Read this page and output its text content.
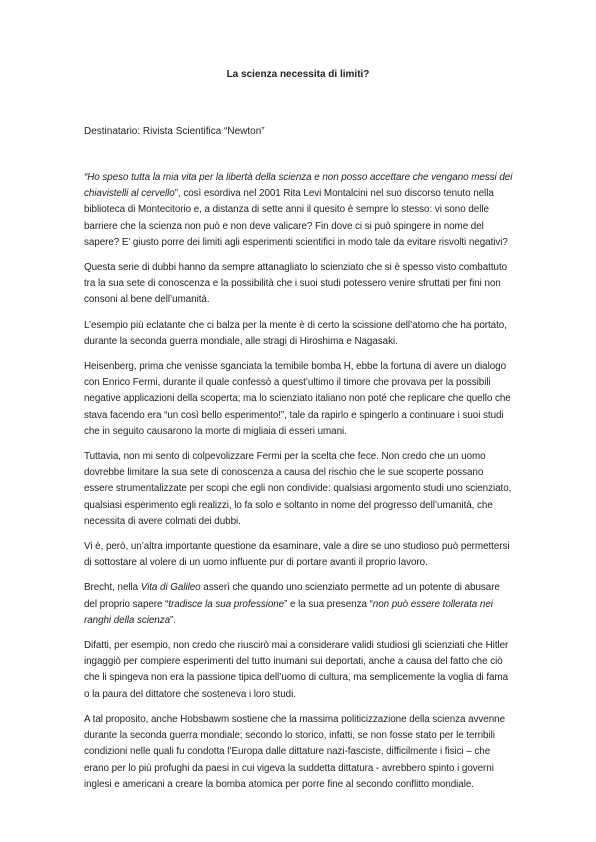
La scienza necessita di limiti?
Destinatario: Rivista Scientifica “Newton”

“Ho speso tutta la mia vita per la libertà della scienza e non posso accettare che vengano messi dei chiavistelli al cervello”, così esordiva nel 2001 Rita Levi Montalcini nel suo discorso tenuto nella biblioteca di Montecitorio e, a distanza di sette anni il quesito è sempre lo stesso: vi sono delle barriere che la scienza non può e non deve valicare? Fin dove ci si può spingere in nome del sapere? E’ giusto porre dei limiti agli esperimenti scientifici in modo tale da evitare risvolti negativi?

Questa serie di dubbi hanno da sempre attanagliato lo scienziato che si è spesso visto combattuto tra la sua sete di conoscenza e la possibilità che i suoi studi potessero venire sfruttati per fini non consoni al bene dell’umanità.

L’esempio più eclatante che ci balza per la mente è di certo la scissione dell’atomo che ha portato, durante la seconda guerra mondiale, alle stragi di Hiroshima e Nagasaki.

Heisenberg, prima che venisse sganciata la temibile bomba H, ebbe la fortuna di avere un dialogo con Enrico Fermi, durante il quale confessò a quest’ultimo il timore che provava per la possibili negative applicazioni della scoperta; ma lo scienziato italiano non poté che replicare che quello che stava facendo era “un così bello esperimento!”, tale da rapirlo e spingerlo a continuare i suoi studi che in seguito causarono la morte di migliaia di esseri umani.

Tuttavia, non mi sento di colpevolizzare Fermi per la scelta che fece. Non credo che un uomo dovrebbe limitare la sua sete di conoscenza a causa del rischio che le sue scoperte possano essere strumentalizzate per scopi che egli non condivide: qualsiasi argomento studi uno scienziato, qualsiasi esperimento egli realizzi, lo fa solo e soltanto in nome del progresso dell’umanità, che necessita di avere colmati dei dubbi.

Vi è, però, un’altra importante questione da esaminare, vale a dire se uno studioso può permettersi di sottostare al volere di un uomo influente pur di portare avanti il proprio lavoro.

Brecht, nella Vita di Galileo asserì che quando uno scienziato permette ad un potente di abusare del proprio sapere “tradisce la sua professione” e la sua presenza “non può essere tollerata nei ranghi della scienza”.

Difatti, per esempio, non credo che riuscirò mai a considerare validi studiosi gli scienziati che Hitler ingaggiò per compiere esperimenti del tutto inumani sui deportati, anche a causa del fatto che ciò che li spingeva non era la passione tipica dell’uomo di cultura, ma semplicemente la voglia di fama o la paura del dittatore che sosteneva i loro studi.

A tal proposito, anche Hobsbawm sostiene che la massima politicizzazione della scienza avvenne durante la seconda guerra mondiale; secondo lo storico, infatti, se non fosse stato per le terribili condizioni nelle quali fu condotta l’Europa dalle dittature nazi-fasciste, difficilmente i fisici – che erano per lo più profughi da paesi in cui vigeva la suddetta dittatura - avrebbero spinto i governi inglesi e americani a creare la bomba atomica per porre fine al secondo conflitto mondiale.
